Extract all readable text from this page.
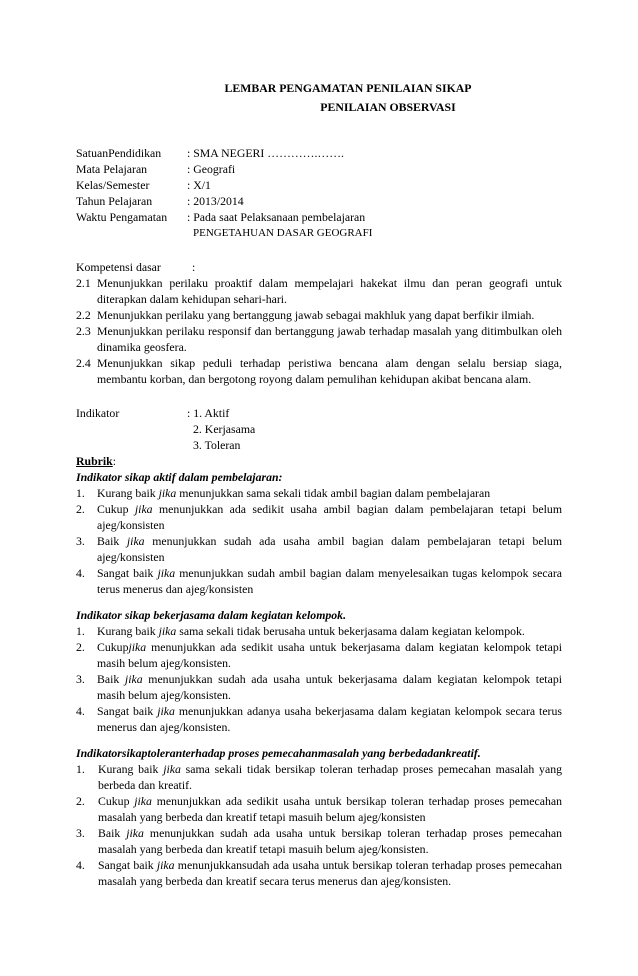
LEMBAR PENGAMATAN PENILAIAN SIKAP
PENILAIAN OBSERVASI
SatuanPendidikan	: SMA NEGERI ………….…….
Mata Pelajaran	: Geografi
Kelas/Semester	: X/1
Tahun Pelajaran	: 2013/2014
Waktu Pengamatan	: Pada saat Pelaksanaan pembelajaran
PENGETAHUAN DASAR GEOGRAFI
Kompetensi dasar	:
2.1 Menunjukkan perilaku proaktif dalam mempelajari hakekat ilmu dan peran geografi untuk diterapkan dalam kehidupan sehari-hari.
2.2 Menunjukkan perilaku yang bertanggung jawab sebagai makhluk yang dapat berfikir ilmiah.
2.3 Menunjukkan perilaku responsif dan bertanggung jawab terhadap masalah yang ditimbulkan oleh dinamika geosfera.
2.4 Menunjukkan sikap peduli terhadap peristiwa bencana alam dengan selalu bersiap siaga, membantu korban, dan bergotong royong dalam pemulihan kehidupan akibat bencana alam.
Indikator	: 1. Aktif
2. Kerjasama
3. Toleran
Rubrik:
Indikator sikap aktif dalam pembelajaran:
1.	Kurang baik jika menunjukkan sama sekali tidak ambil bagian dalam pembelajaran
2.	Cukup jika menunjukkan ada sedikit usaha ambil bagian dalam pembelajaran tetapi belum ajeg/konsisten
3.	Baik jika menunjukkan sudah ada usaha ambil bagian dalam pembelajaran tetapi belum ajeg/konsisten
4.	Sangat baik jika menunjukkan sudah ambil bagian dalam menyelesaikan tugas kelompok secara terus menerus dan ajeg/konsisten
Indikator sikap bekerjasama dalam kegiatan kelompok.
1.	Kurang baik jika sama sekali tidak berusaha untuk bekerjasama dalam kegiatan kelompok.
2.	Cukupjika menunjukkan ada sedikit usaha untuk bekerjasama dalam kegiatan kelompok tetapi masih belum ajeg/konsisten.
3.	Baik jika menunjukkan sudah ada usaha untuk bekerjasama dalam kegiatan kelompok tetapi masih belum ajeg/konsisten.
4.	Sangat baik jika menunjukkan adanya usaha bekerjasama dalam kegiatan kelompok secara terus menerus dan ajeg/konsisten.
Indikatorsikaptoleranterhadap proses pemecahanmasalah yang berbedadankreatif.
1.	Kurang baik jika sama sekali tidak bersikap toleran terhadap proses pemecahan masalah yang berbeda dan kreatif.
2.	Cukup jika menunjukkan ada sedikit usaha untuk bersikap toleran terhadap proses pemecahan masalah yang berbeda dan kreatif tetapi masuih belum ajeg/konsisten
3.	Baik jika menunjukkan sudah ada usaha untuk bersikap toleran terhadap proses pemecahan masalah yang berbeda dan kreatif tetapi masuih belum ajeg/konsisten.
4.	Sangat baik jika menunjukkansudah ada usaha untuk bersikap toleran terhadap proses pemecahan masalah yang berbeda dan kreatif secara terus menerus dan ajeg/konsisten.
